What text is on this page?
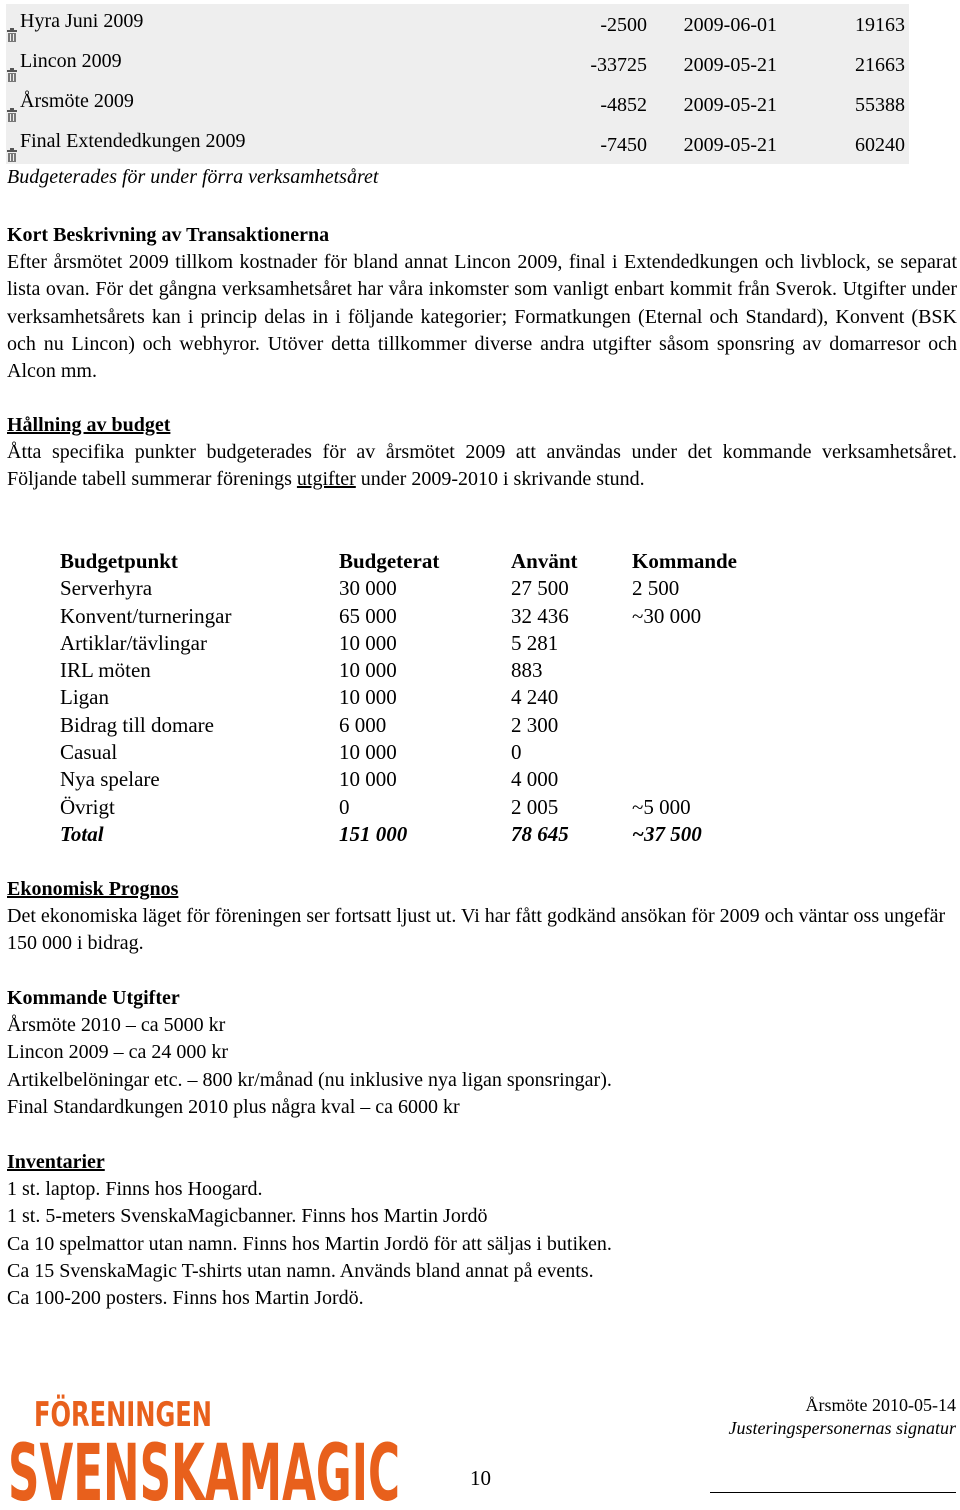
Hyra Juni 2009	-2500 2009-06-01	19163
Lincon 2009	-33725 2009-05-21	21663
Årsmöte 2009	-4852 2009-05-21	55388
Final Extendedkungen 2009	-7450 2009-05-21	60240
Budgeterades för under förra verksamhetsåret
Kort Beskrivning av Transaktionerna
Efter årsmötet 2009 tillkom kostnader för bland annat Lincon 2009, final i Extendedkungen och livblock, se separat lista ovan. För det gångna verksamhetsåret har våra inkomster som vanligt enbart kommit från Sverok. Utgifter under verksamhetsårets kan i princip delas in i följande kategorier; Formatkungen (Eternal och Standard), Konvent (BSK och nu Lincon) och webhyror. Utöver detta tillkommer diverse andra utgifter såsom sponsring av domarresor och Alcon mm.
Hållning av budget
Åtta specifika punkter budgeterades för av årsmötet 2009 att användas under det kommande verksamhetsåret. Följande tabell summerar förenings utgifter under 2009-2010 i skrivande stund.
Budgetpunkt	Budgeterat	Använt	Kommande
Serverhyra	30 000	27 500	2 500
Konvent/turneringar	65 000	32 436	~30 000
Artiklar/tävlingar	10 000	5 281	
IRL möten	10 000	883	
Ligan	10 000	4 240	
Bidrag till domare	6 000	2 300	
Casual	10 000	0	
Nya spelare	10 000	4 000	
Övrigt	0	2 005	~5 000
Total	151 000	78 645	~37 500
Ekonomisk Prognos
Det ekonomiska läget för föreningen ser fortsatt ljust ut. Vi har fått godkänd ansökan för 2009 och väntar oss ungefär 150 000 i bidrag.
Kommande Utgifter
Årsmöte 2010 – ca 5000 kr
Lincon 2009 – ca 24 000 kr
Artikelbelöningar etc. – 800 kr/månad (nu inklusive nya ligan sponsringar).
Final Standardkungen 2010 plus några kval – ca 6000 kr
Inventarier
1 st. laptop. Finns hos Hoogard.
1 st. 5-meters SvenskaMagicbanner. Finns hos Martin Jordö
Ca 10 spelmattor utan namn. Finns hos Martin Jordö för att säljas i butiken.
Ca 15 SvenskaMagic T-shirts utan namn. Används bland annat på events.
Ca 100-200 posters. Finns hos Martin Jordö.
FÖRENINGEN
SVENSKAMAGIC	10
Årsmöte 2010-05-14
Justeringspersonernas signatur
